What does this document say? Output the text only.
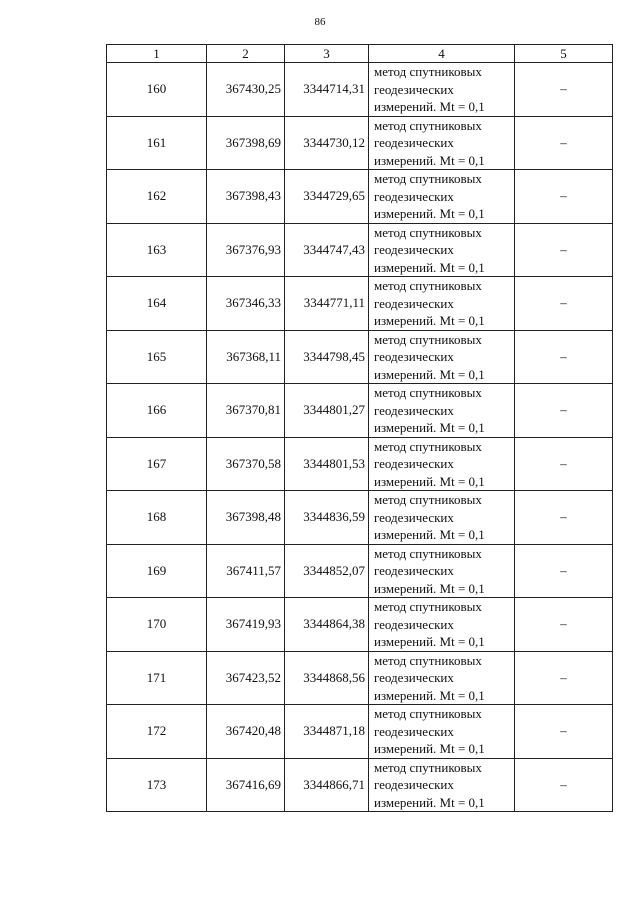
86
1	2	3	4	5
160	367430,25	3344714,31	метод спутниковых
геодезических
измерений. Mt = 0,1	–
161	367398,69	3344730,12	метод спутниковых
геодезических
измерений. Mt = 0,1	–
162	367398,43	3344729,65	метод спутниковых
геодезических
измерений. Mt = 0,1	–
163	367376,93	3344747,43	метод спутниковых
геодезических
измерений. Mt = 0,1	–
164	367346,33	3344771,11	метод спутниковых
геодезических
измерений. Mt = 0,1	–
165	367368,11	3344798,45	метод спутниковых
геодезических
измерений. Mt = 0,1	–
166	367370,81	3344801,27	метод спутниковых
геодезических
измерений. Mt = 0,1	–
167	367370,58	3344801,53	метод спутниковых
геодезических
измерений. Mt = 0,1	–
168	367398,48	3344836,59	метод спутниковых
геодезических
измерений. Mt = 0,1	–
169	367411,57	3344852,07	метод спутниковых
геодезических
измерений. Mt = 0,1	–
170	367419,93	3344864,38	метод спутниковых
геодезических
измерений. Mt = 0,1	–
171	367423,52	3344868,56	метод спутниковых
геодезических
измерений. Mt = 0,1	–
172	367420,48	3344871,18	метод спутниковых
геодезических
измерений. Mt = 0,1	–
173	367416,69	3344866,71	метод спутниковых
геодезических
измерений. Mt = 0,1	–
